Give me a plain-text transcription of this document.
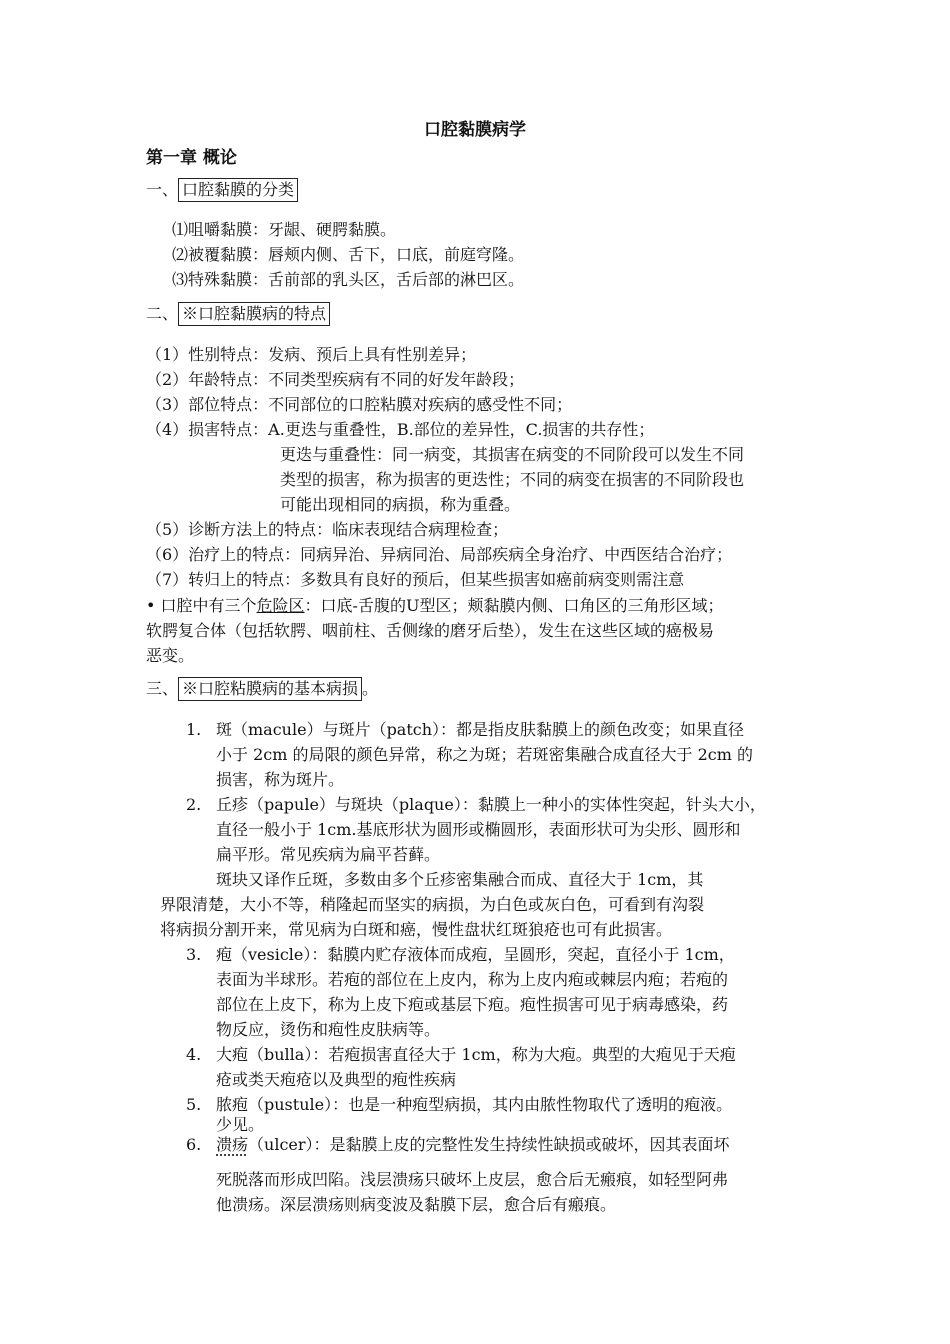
口腔黏膜病学
第一章 概论
一、 口腔黏膜的分类
⑴咀嚼黏膜：牙龈、硬腭黏膜。
⑵被覆黏膜：唇颊内侧、舌下，口底，前庭穹隆。
⑶特殊黏膜：舌前部的乳头区，舌后部的淋巴区。
二、 ※口腔黏膜病的特点
（1）性别特点：发病、预后上具有性别差异；
（2）年龄特点：不同类型疾病有不同的好发年龄段；
（3）部位特点：不同部位的口腔粘膜对疾病的感受性不同；
（4）损害特点：A.更迭与重叠性，B.部位的差异性，C.损害的共存性；
更迭与重叠性：同一病变，其损害在病变的不同阶段可以发生不同
类型的损害，称为损害的更迭性；不同的病变在损害的不同阶段也
可能出现相同的病损，称为重叠。
（5）诊断方法上的特点：临床表现结合病理检查；
（6）治疗上的特点：同病异治、异病同治、局部疾病全身治疗、中西医结合治疗；
（7）转归上的特点：多数具有良好的预后，但某些损害如癌前病变则需注意
• 口腔中有三个危险区：口底-舌腹的U型区；颊黏膜内侧、口角区的三角形区域；
软腭复合体（包括软腭、咽前柱、舌侧缘的磨牙后垫），发生在这些区域的癌极易
恶变。
三、 ※口腔粘膜病的基本病损 。
1. 斑（macule）与斑片（patch）：都是指皮肤黏膜上的颜色改变；如果直径
小于 2cm 的局限的颜色异常，称之为斑；若斑密集融合成直径大于 2cm 的
损害，称为斑片。
2. 丘疹（papule）与斑块（plaque）：黏膜上一种小的实体性突起，针头大小，
直径一般小于 1cm.基底形状为圆形或椭圆形，表面形状可为尖形、圆形和
扁平形。常见疾病为扁平苔藓。
斑块又译作丘斑，多数由多个丘疹密集融合而成、直径大于 1cm，其
界限清楚，大小不等，稍隆起而坚实的病损，为白色或灰白色，可看到有沟裂
将病损分割开来，常见病为白斑和癌，慢性盘状红斑狼疮也可有此损害。
3. 疱（vesicle）：黏膜内贮存液体而成疱，呈圆形，突起，直径小于 1cm，
表面为半球形。若疱的部位在上皮内，称为上皮内疱或棘层内疱；若疱的
部位在上皮下，称为上皮下疱或基层下疱。疱性损害可见于病毒感染，药
物反应，烫伤和疱性皮肤病等。
4. 大疱（bulla）：若疱损害直径大于 1cm，称为大疱。典型的大疱见于天疱
疮或类天疱疮以及典型的疱性疾病
5. 脓疱（pustule）：也是一种疱型病损，其内由脓性物取代了透明的疱液。
少见。
6. 溃疡（ulcer）：是黏膜上皮的完整性发生持续性缺损或破坏，因其表面坏
死脱落而形成凹陷。浅层溃疡只破坏上皮层，愈合后无瘢痕，如轻型阿弗
他溃疡。深层溃疡则病变波及黏膜下层，愈合后有瘢痕。
